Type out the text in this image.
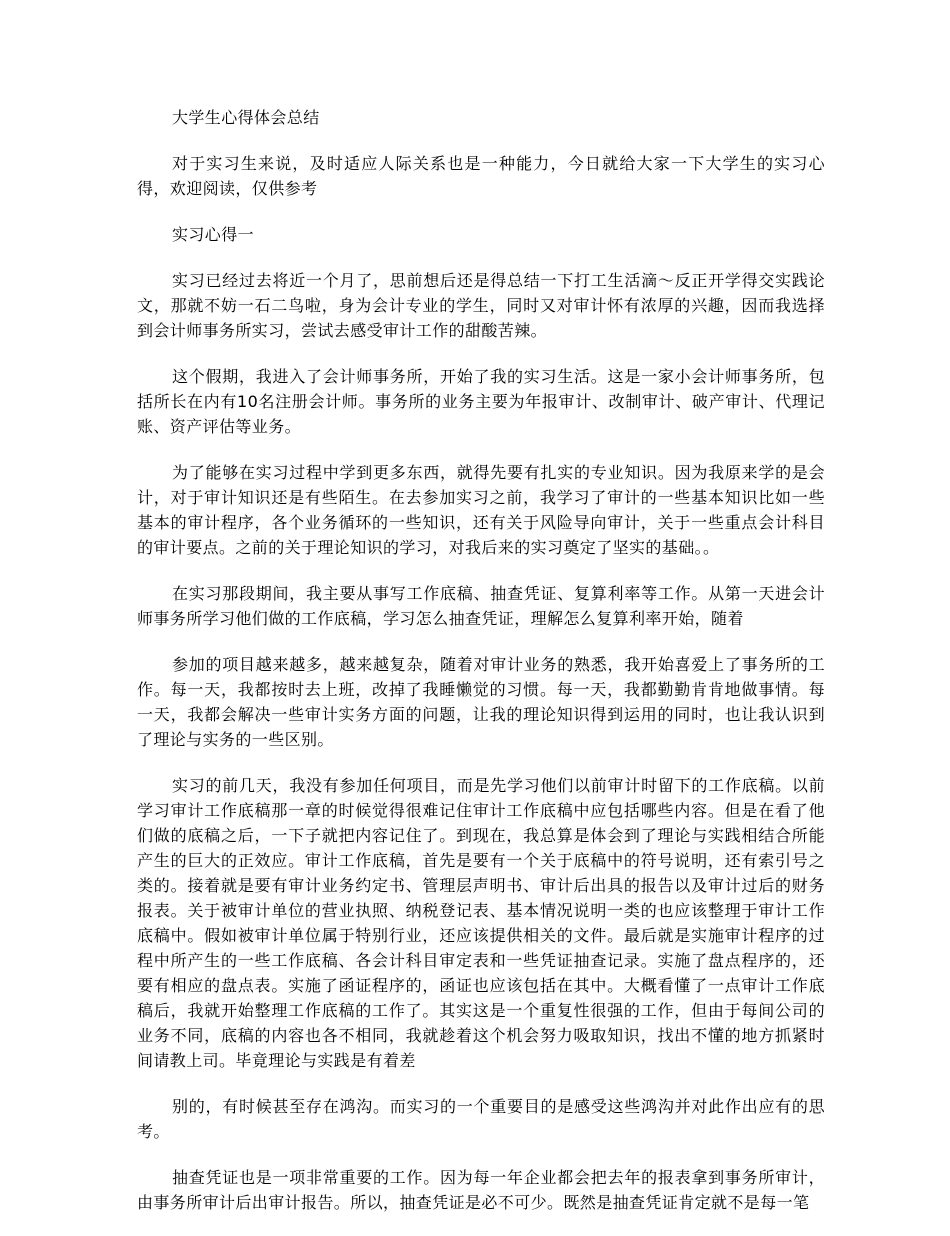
大学生心得体会总结

对于实习生来说，及时适应人际关系也是一种能力，今日就给大家一下大学生的实习心得，欢迎阅读，仅供参考

实习心得一

实习已经过去将近一个月了，思前想后还是得总结一下打工生活滴～反正开学得交实践论文，那就不妨一石二鸟啦，身为会计专业的学生，同时又对审计怀有浓厚的兴趣，因而我选择到会计师事务所实习，尝试去感受审计工作的甜酸苦辣。

这个假期，我进入了会计师事务所，开始了我的实习生活。这是一家小会计师事务所，包括所长在内有10名注册会计师。事务所的业务主要为年报审计、改制审计、破产审计、代理记账、资产评估等业务。

为了能够在实习过程中学到更多东西，就得先要有扎实的专业知识。因为我原来学的是会计，对于审计知识还是有些陌生。在去参加实习之前，我学习了审计的一些基本知识比如一些基本的审计程序，各个业务循环的一些知识，还有关于风险导向审计，关于一些重点会计科目的审计要点。之前的关于理论知识的学习，对我后来的实习奠定了坚实的基础。。

在实习那段期间，我主要从事写工作底稿、抽查凭证、复算利率等工作。从第一天进会计师事务所学习他们做的工作底稿，学习怎么抽查凭证，理解怎么复算利率开始，随着

参加的项目越来越多，越来越复杂，随着对审计业务的熟悉，我开始喜爱上了事务所的工作。每一天，我都按时去上班，改掉了我睡懒觉的习惯。每一天，我都勤勤肯肯地做事情。每一天，我都会解决一些审计实务方面的问题，让我的理论知识得到运用的同时，也让我认识到了理论与实务的一些区别。

实习的前几天，我没有参加任何项目，而是先学习他们以前审计时留下的工作底稿。以前学习审计工作底稿那一章的时候觉得很难记住审计工作底稿中应包括哪些内容。但是在看了他们做的底稿之后，一下子就把内容记住了。到现在，我总算是体会到了理论与实践相结合所能产生的巨大的正效应。审计工作底稿，首先是要有一个关于底稿中的符号说明，还有索引号之类的。接着就是要有审计业务约定书、管理层声明书、审计后出具的报告以及审计过后的财务报表。关于被审计单位的营业执照、纳税登记表、基本情况说明一类的也应该整理于审计工作底稿中。假如被审计单位属于特别行业，还应该提供相关的文件。最后就是实施审计程序的过程中所产生的一些工作底稿、各会计科目审定表和一些凭证抽查记录。实施了盘点程序的，还要有相应的盘点表。实施了函证程序的，函证也应该包括在其中。大概看懂了一点审计工作底稿后，我就开始整理工作底稿的工作了。其实这是一个重复性很强的工作，但由于每间公司的业务不同，底稿的内容也各不相同，我就趁着这个机会努力吸取知识，找出不懂的地方抓紧时间请教上司。毕竟理论与实践是有着差

别的，有时候甚至存在鸿沟。而实习的一个重要目的是感受这些鸿沟并对此作出应有的思考。

抽查凭证也是一项非常重要的工作。因为每一年企业都会把去年的报表拿到事务所审计，由事务所审计后出审计报告。所以，抽查凭证是必不可少。既然是抽查凭证肯定就不是每一笔
